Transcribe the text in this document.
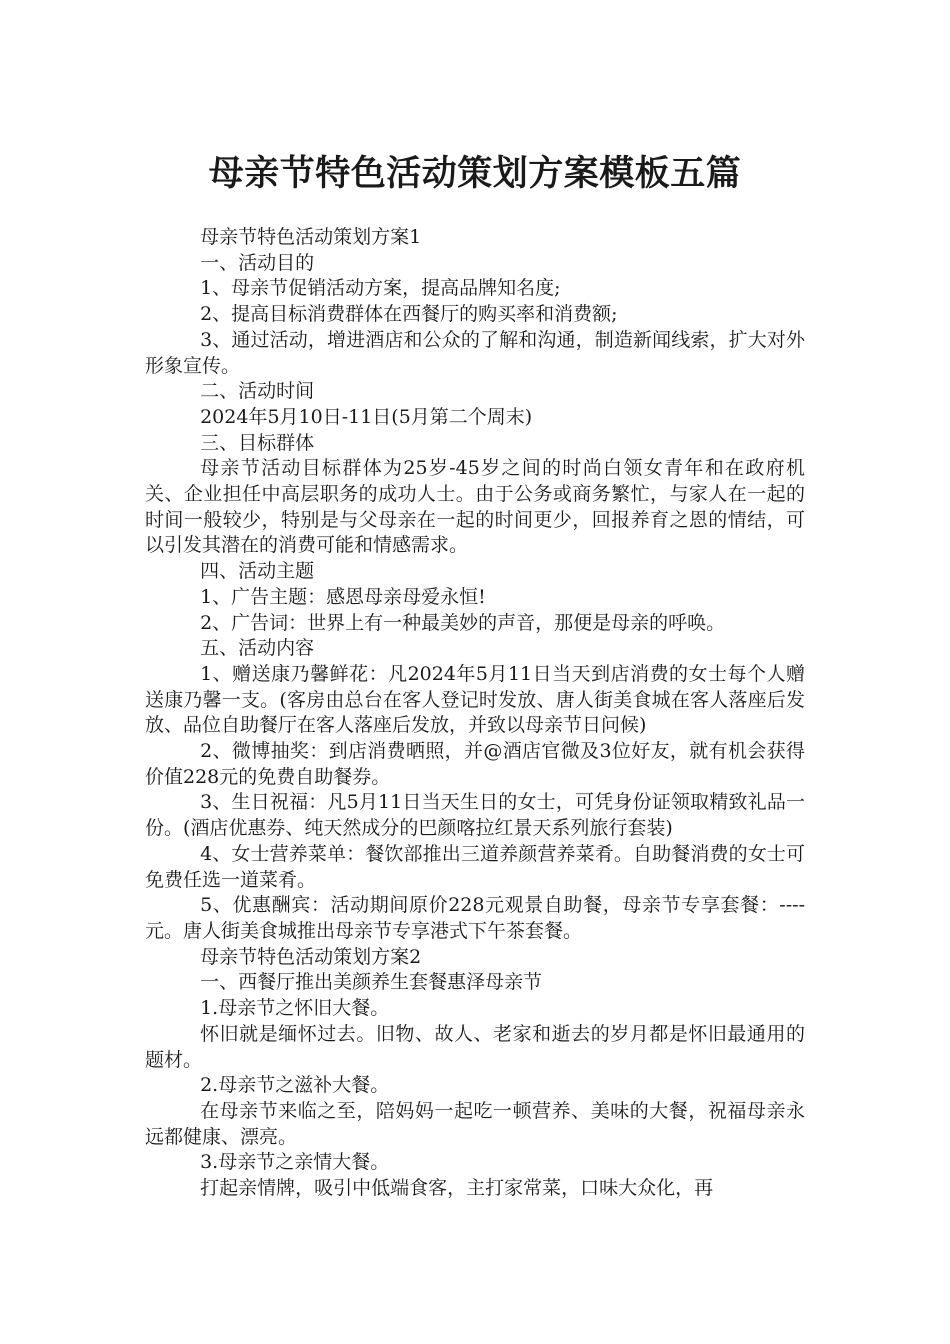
母亲节特色活动策划方案模板五篇

母亲节特色活动策划方案1

一、活动目的

1、母亲节促销活动方案，提高品牌知名度;

2、提高目标消费群体在西餐厅的购买率和消费额;

3、通过活动，增进酒店和公众的了解和沟通，制造新闻线索，扩大对外形象宣传。

二、活动时间

2024年5月10日-11日(5月第二个周末)

三、目标群体

母亲节活动目标群体为25岁-45岁之间的时尚白领女青年和在政府机关、企业担任中高层职务的成功人士。由于公务或商务繁忙，与家人在一起的时间一般较少，特别是与父母亲在一起的时间更少，回报养育之恩的情结，可以引发其潜在的消费可能和情感需求。

四、活动主题

1、广告主题：感恩母亲母爱永恒!

2、广告词：世界上有一种最美妙的声音，那便是母亲的呼唤。

五、活动内容

1、赠送康乃馨鲜花：凡2024年5月11日当天到店消费的女士每个人赠送康乃馨一支。(客房由总台在客人登记时发放、唐人街美食城在客人落座后发放、品位自助餐厅在客人落座后发放，并致以母亲节日问候)

2、微博抽奖：到店消费晒照，并@酒店官微及3位好友，就有机会获得价值228元的免费自助餐券。

3、生日祝福：凡5月11日当天生日的女士，可凭身份证领取精致礼品一份。(酒店优惠券、纯天然成分的巴颜喀拉红景天系列旅行套装)

4、女士营养菜单：餐饮部推出三道养颜营养菜肴。自助餐消费的女士可免费任选一道菜肴。

5、优惠酬宾：活动期间原价228元观景自助餐，母亲节专享套餐：----元。唐人街美食城推出母亲节专享港式下午茶套餐。

母亲节特色活动策划方案2

一、西餐厅推出美颜养生套餐惠泽母亲节

1.母亲节之怀旧大餐。

怀旧就是缅怀过去。旧物、故人、老家和逝去的岁月都是怀旧最通用的题材。

2.母亲节之滋补大餐。

在母亲节来临之至，陪妈妈一起吃一顿营养、美味的大餐，祝福母亲永远都健康、漂亮。

3.母亲节之亲情大餐。

打起亲情牌，吸引中低端食客，主打家常菜，口味大众化，再
